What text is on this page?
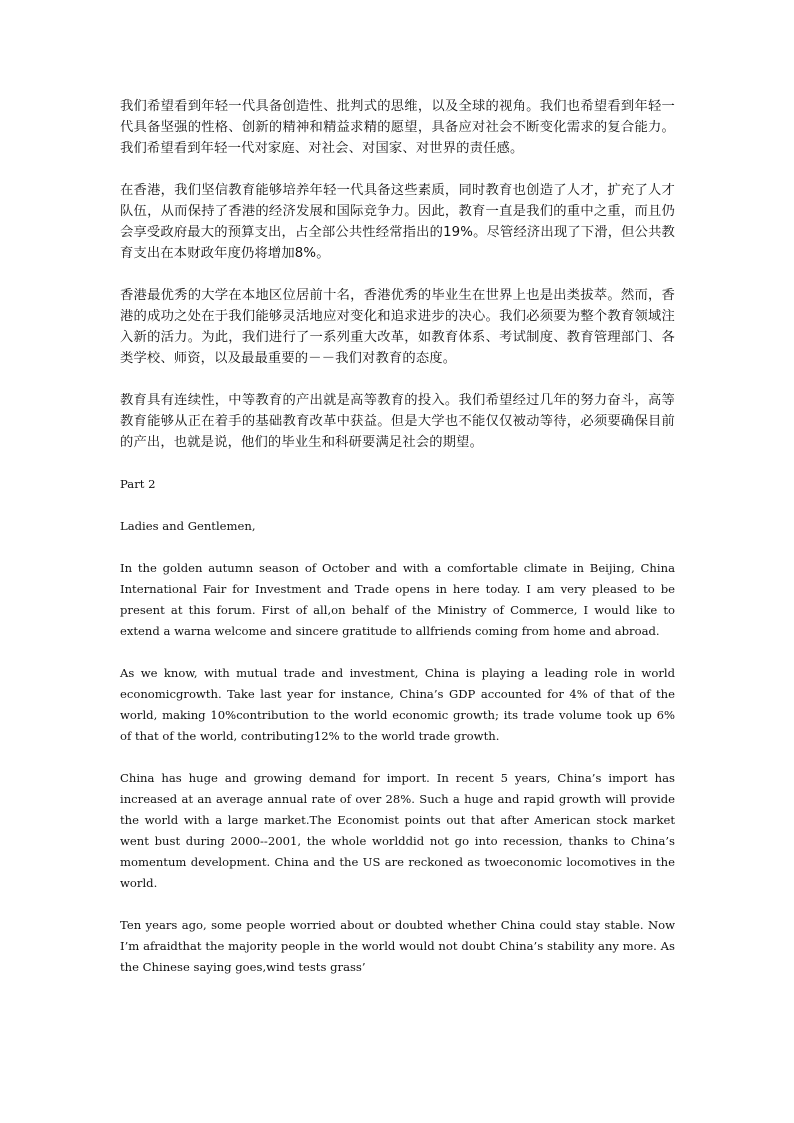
我们希望看到年轻一代具备创造性、批判式的思维，以及全球的视角。我们也希望看到年轻一代具备坚强的性格、创新的精神和精益求精的愿望，具备应对社会不断变化需求的复合能力。我们希望看到年轻一代对家庭、对社会、对国家、对世界的责任感。

在香港，我们坚信教育能够培养年轻一代具备这些素质，同时教育也创造了人才，扩充了人才队伍，从而保持了香港的经济发展和国际竞争力。因此，教育一直是我们的重中之重，而且仍会享受政府最大的预算支出，占全部公共性经常指出的19%。尽管经济出现了下滑，但公共教育支出在本财政年度仍将增加8%。

香港最优秀的大学在本地区位居前十名，香港优秀的毕业生在世界上也是出类拔萃。然而，香港的成功之处在于我们能够灵活地应对变化和追求进步的决心。我们必须要为整个教育领域注入新的活力。为此，我们进行了一系列重大改革，如教育体系、考试制度、教育管理部门、各类学校、师资，以及最最重要的－－我们对教育的态度。

教育具有连续性，中等教育的产出就是高等教育的投入。我们希望经过几年的努力奋斗，高等教育能够从正在着手的基础教育改革中获益。但是大学也不能仅仅被动等待，必须要确保目前的产出，也就是说，他们的毕业生和科研要满足社会的期望。

Part 2

Ladies and Gentlemen,

In the golden autumn season of October and with a comfortable climate in Beijing, China International Fair for Investment and Trade opens in here today. I am very pleased to be present at this forum. First of all,on behalf of the Ministry of Commerce, I would like to extend a warna welcome and sincere gratitude to allfriends coming from home and abroad.

As we know, with mutual trade and investment, China is playing a leading role in world economicgrowth. Take last year for instance, China’s GDP accounted for 4% of that of the world, making 10%contribution to the world economic growth; its trade volume took up 6% of that of the world, contributing12% to the world trade growth.

China has huge and growing demand for import. In recent 5 years, China’s import has increased at an average annual rate of over 28%. Such a huge and rapid growth will provide the world with a large market.The Economist points out that after American stock market went bust during 2000--2001, the whole worlddid not go into recession, thanks to China’s momentum development. China and the US are reckoned as twoeconomic locomotives in the world.

Ten years ago, some people worried about or doubted whether China could stay stable. Now I’m afraidthat the majority people in the world would not doubt China’s stability any more. As the Chinese saying goes,wind tests grass’
